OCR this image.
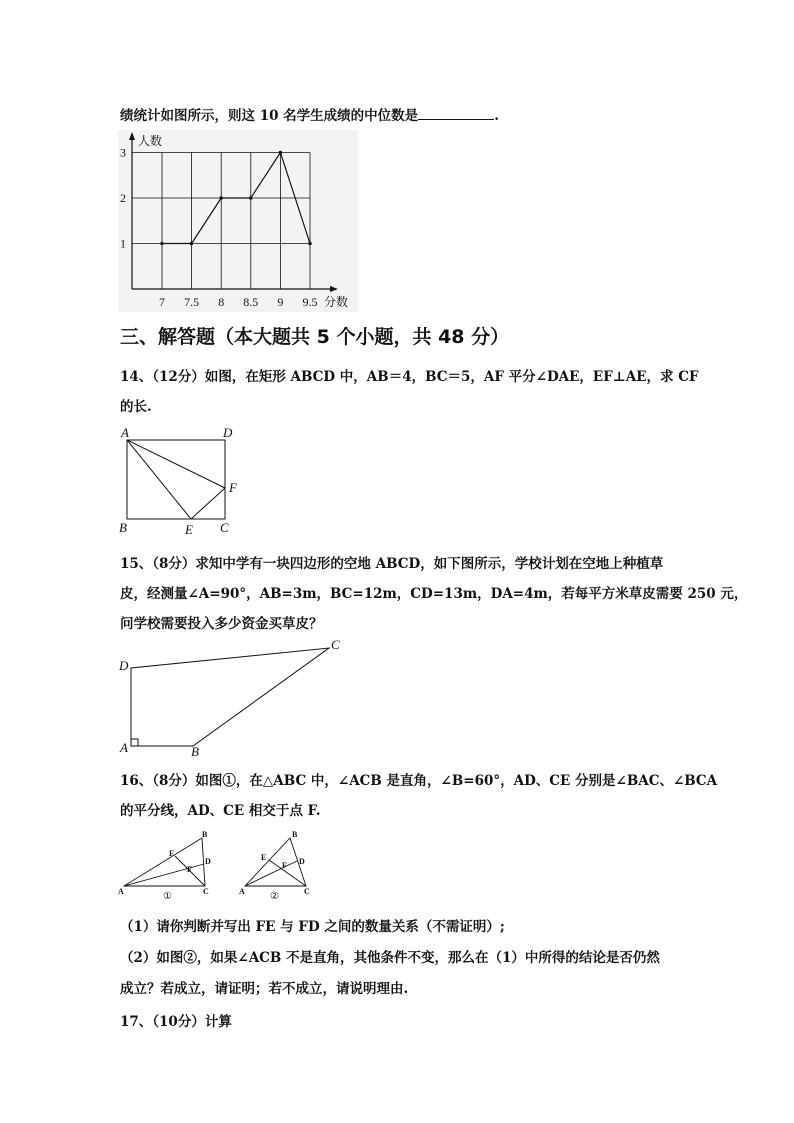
绩统计如图所示，则这 10 名学生成绩的中位数是	.
人数
分数
1
2
3
7 7.5 8 8.5 9 9.5
三、解答题（本大题共 5 个小题，共 48 分）
14、（12分）如图，在矩形 ABCD 中，AB＝4，BC＝5，AF 平分∠DAE，EF⊥AE，求 CF
的长.
A	D
F
B	E C
15、（8分）求知中学有一块四边形的空地 ABCD，如下图所示，学校计划在空地上种植草
皮，经测量∠A=90°，AB=3m，BC=12m，CD=13m，DA=4m，若每平方米草皮需要 250 元，
问学校需要投入多少资金买草皮？
D
C
A	B
16、（8分）如图①，在△ABC 中，∠ACB 是直角，∠B=60°，AD、CE 分别是∠BAC、∠BCA
的平分线，AD、CE 相交于点 F.
B
E
D
F
A	C
①
B
E	D
F
A	C
②
（1）请你判断并写出 FE 与 FD 之间的数量关系（不需证明）;
（2）如图②，如果∠ACB 不是直角，其他条件不变，那么在（1）中所得的结论是否仍然
成立？若成立，请证明；若不成立，请说明理由.
17、（10分）计算
